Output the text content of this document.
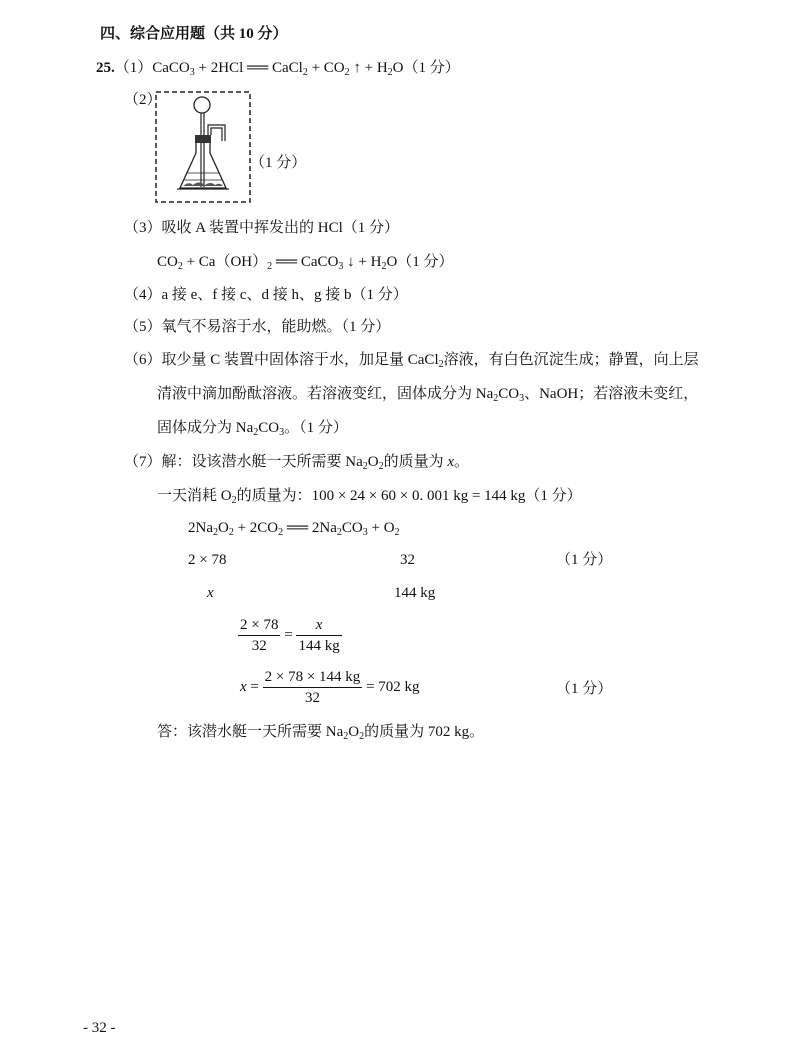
四、综合应用题（共 10 分）
25.（1）CaCO$_3$ + 2HCl ══ CaCl$_2$ + $CO_2$ ↑ + $H_2O(1$ 分）
（2）
（1 分）
（3）吸收 A 装置中挥发出的 HCl（1 分）
$CO_2 + Ca(OH)_2$ ══ CaCO$_3$ ↓ + $H_2O(1$ 分）
（4）a 接 e、f 接 c、d 接 h、g 接 b（1 分）
（5）氧气不易溶于水，能助燃。（1 分）
（6）取少量 C 装置中固体溶于水，加足量 CaCl$_2$溶液，有白色沉淀生成；静置，向上层
清液中滴加酚酞溶液。若溶液变红，固体成分为 $Na_2CO_3$、NaOH；若溶液未变红，
固体成分为 $Na_2CO_3$。（1 分）
（7）解：设该潜水艇一天所需要 $Na_2O_2$的质量为 x。
一天消耗 $O_2$的质量为：100 × 24 × 60 × 0. 001 kg = 144 kg（1 分）
$2Na_2O_2 + 2CO_2$ ══ $2Na_2CO_3 + O_2$
2 × 78	32	（1 分）
x	144 kg
$\frac{2 \times 78}{32} = \frac{x}{144 kg}$
$x = \frac{2 \times 78 \times 144 kg}{32} = 702$ kg	（1 分）
答：该潜水艇一天所需要 $Na_2O_2$的质量为 702 kg。
- 32 -
